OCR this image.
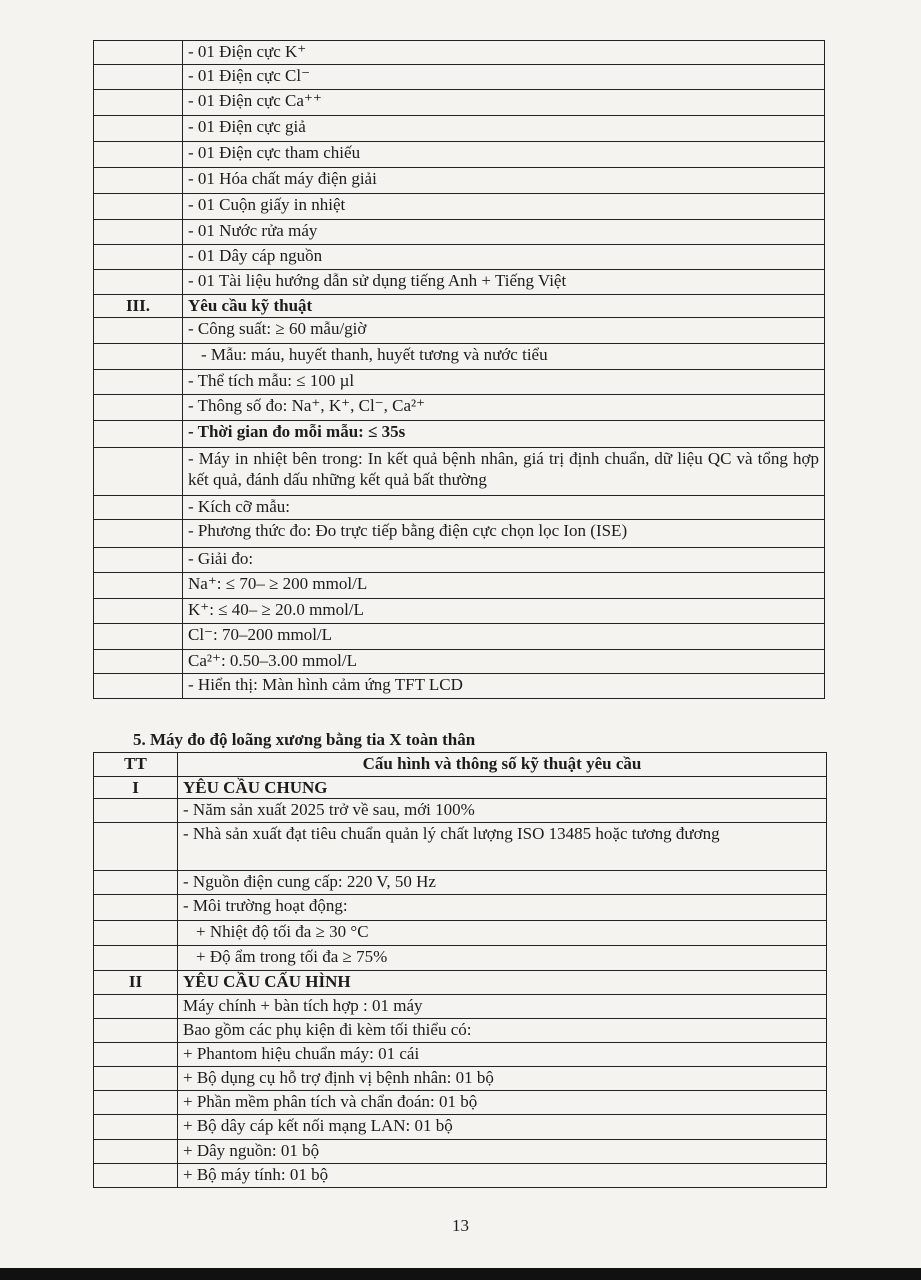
	- 01 Điện cực K⁺
	- 01 Điện cực Cl⁻
	- 01 Điện cực Ca⁺⁺
	- 01 Điện cực giả
	- 01 Điện cực tham chiếu
	- 01 Hóa chất máy điện giải
	- 01 Cuộn giấy in nhiệt
	- 01 Nước rửa máy
	- 01 Dây cáp nguồn
	- 01 Tài liệu hướng dẫn sử dụng tiếng Anh + Tiếng Việt
III.	Yêu cầu kỹ thuật
	- Công suất: ≥ 60 mẫu/giờ
	- Mẫu: máu, huyết thanh, huyết tương và nước tiểu
	- Thể tích mẫu: ≤ 100 µl
	- Thông số đo: Na⁺, K⁺, Cl⁻, Ca²⁺
	- Thời gian đo mỗi mẫu: ≤ 35s
	- Máy in nhiệt bên trong: In kết quả bệnh nhân, giá trị định chuẩn, dữ liệu QC và tổng hợp kết quả, đánh dấu những kết quả bất thường
	- Kích cỡ mẫu:
	- Phương thức đo: Đo trực tiếp bằng điện cực chọn lọc Ion (ISE)
	- Giải đo:
	Na⁺: ≤ 70– ≥ 200 mmol/L
	K⁺: ≤ 40– ≥ 20.0 mmol/L
	Cl⁻: 70–200 mmol/L
	Ca²⁺: 0.50–3.00 mmol/L
	- Hiển thị: Màn hình cảm ứng TFT LCD
5. Máy đo độ loãng xương bằng tia X toàn thân
TT	Cấu hình và thông số kỹ thuật yêu cầu
I	YÊU CẦU CHUNG
	- Năm sản xuất 2025 trở về sau, mới 100%
	- Nhà sản xuất đạt tiêu chuẩn quản lý chất lượng ISO 13485 hoặc tương đương
	- Nguồn điện cung cấp: 220 V, 50 Hz
	- Môi trường hoạt động:
	+ Nhiệt độ tối đa ≥ 30 °C
	+ Độ ẩm trong tối đa ≥ 75%
II	YÊU CẦU CẤU HÌNH
	Máy chính + bàn tích hợp : 01 máy
	Bao gồm các phụ kiện đi kèm tối thiểu có:
	+ Phantom hiệu chuẩn máy: 01 cái
	+ Bộ dụng cụ hỗ trợ định vị bệnh nhân: 01 bộ
	+ Phần mềm phân tích và chẩn đoán: 01 bộ
	+ Bộ dây cáp kết nối mạng LAN: 01 bộ
	+ Dây nguồn: 01 bộ
	+ Bộ máy tính: 01 bộ
13
